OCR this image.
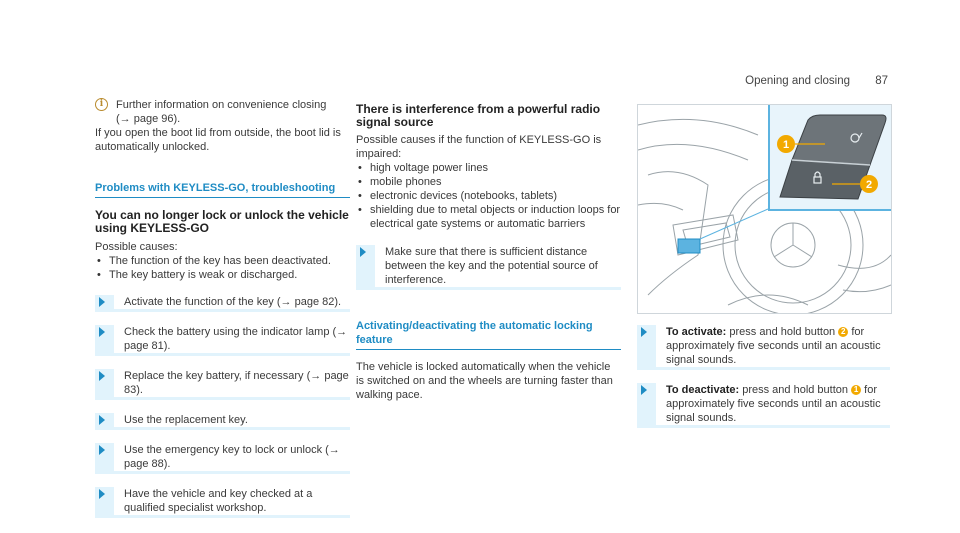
Opening and closing 87
i	Further information on convenience closing

(→ page 96).

If you open the boot lid from outside, the boot lid is automatically unlocked.

Problems with KEYLESS-GO, troubleshooting
You can no longer lock or unlock the vehicle using KEYLESS-GO

Possible causes:

• The function of the key has been deactivated.
• The key battery is weak or discharged.
Activate the function of the key (→ page 82).
Check the battery using the indicator lamp (→ page 81).
Replace the key battery, if necessary (→ page 83).
Use the replacement key.
Use the emergency key to lock or unlock (→ page 88).
Have the vehicle and key checked at a qualified specialist workshop.
There is interference from a powerful radio signal source

Possible causes if the function of KEYLESS-GO is impaired:

• high voltage power lines
• mobile phones
• electronic devices (notebooks, tablets)
• shielding due to metal objects or induction loops for electrical gate systems or automatic barriers
Make sure that there is sufficient distance between the key and the potential source of interference.
Activating/deactivating the automatic locking feature

The vehicle is locked automatically when the vehicle is switched on and the wheels are turning faster than walking pace.

1
2
To activate: press and hold button 2 for approximately five seconds until an acoustic signal sounds.
To deactivate: press and hold button 1 for approximately five seconds until an acoustic signal sounds.
